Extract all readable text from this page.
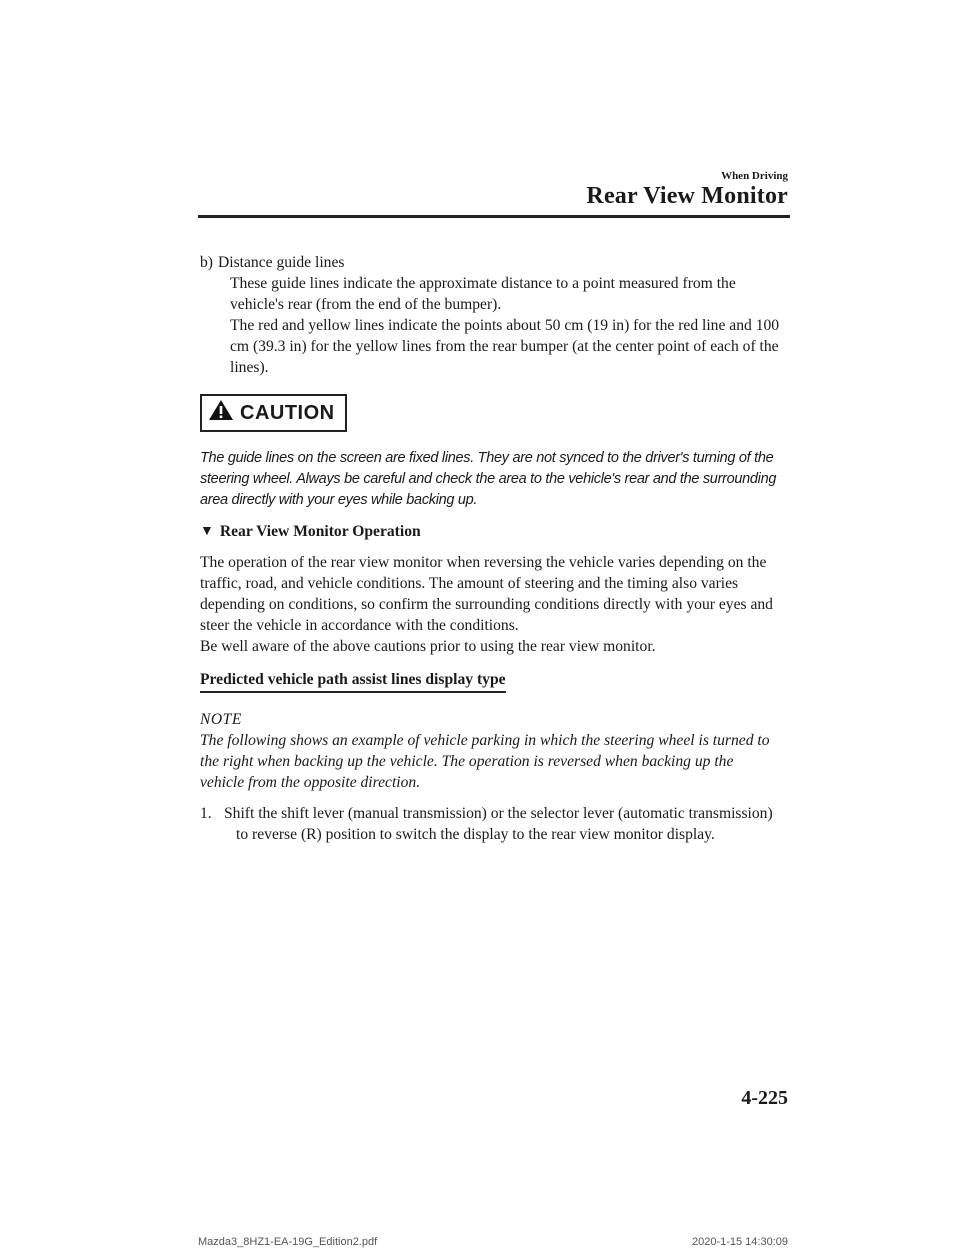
When Driving
Rear View Monitor
b) Distance guide lines

These guide lines indicate the approximate distance to a point measured from the

vehicle's rear (from the end of the bumper).

The red and yellow lines indicate the points about 50 cm (19 in) for the red line and 100

cm (39.3 in) for the yellow lines from the rear bumper (at the center point of each of the

lines).

CAUTION
The guide lines on the screen are fixed lines. They are not synced to the driver's turning of the
steering wheel. Always be careful and check the area to the vehicle's rear and the surrounding
area directly with your eyes while backing up.
▼ Rear View Monitor Operation

The operation of the rear view monitor when reversing the vehicle varies depending on the

traffic, road, and vehicle conditions. The amount of steering and the timing also varies

depending on conditions, so confirm the surrounding conditions directly with your eyes and

steer the vehicle in accordance with the conditions.

Be well aware of the above cautions prior to using the rear view monitor.

Predicted vehicle path assist lines display type
NOTE
The following shows an example of vehicle parking in which the steering wheel is turned to
the right when backing up the vehicle. The operation is reversed when backing up the
vehicle from the opposite direction.
1. Shift the shift lever (manual transmission) or the selector lever (automatic transmission)
to reverse (R) position to switch the display to the rear view monitor display.
4-225
Mazda3_8HZ1-EA-19G_Edition2.pdf	2020-1-15 14:30:09
